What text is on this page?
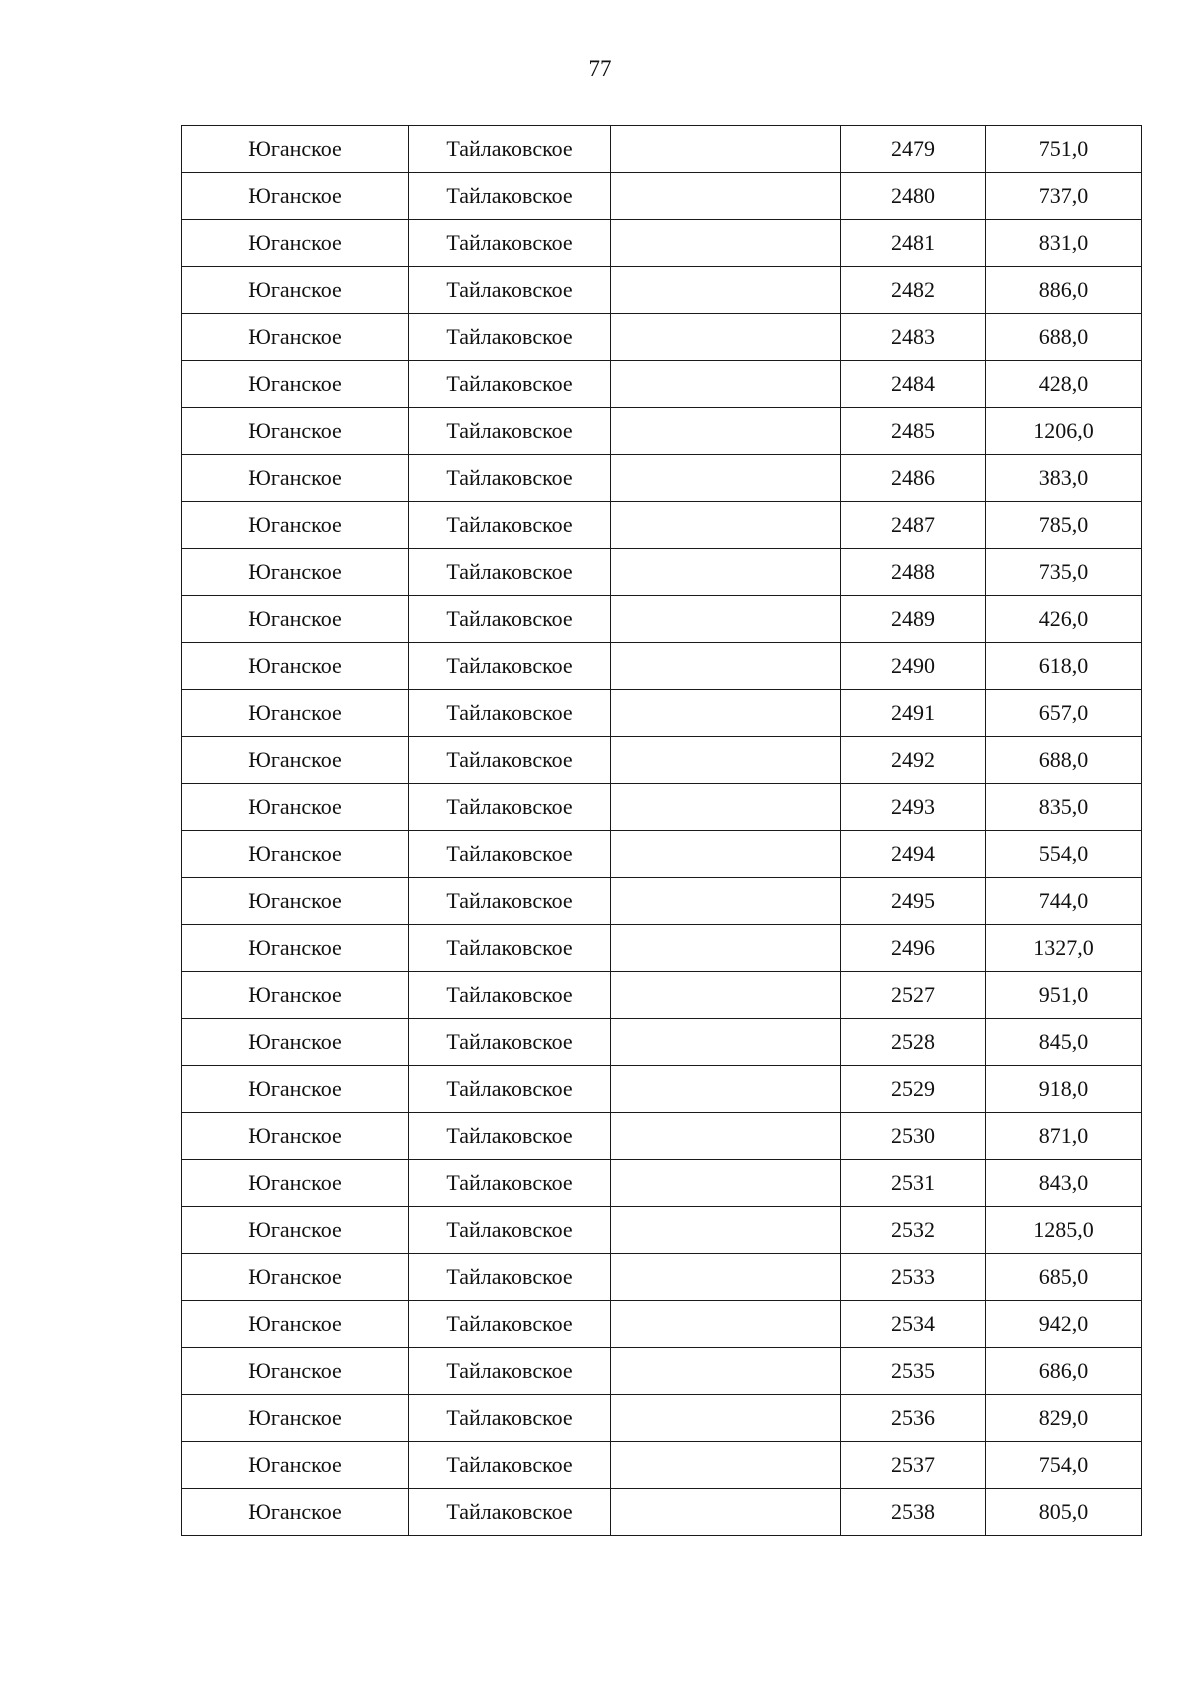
77
Юганское	Тайлаковское		2479	751,0
Юганское	Тайлаковское		2480	737,0
Юганское	Тайлаковское		2481	831,0
Юганское	Тайлаковское		2482	886,0
Юганское	Тайлаковское		2483	688,0
Юганское	Тайлаковское		2484	428,0
Юганское	Тайлаковское		2485	1206,0
Юганское	Тайлаковское		2486	383,0
Юганское	Тайлаковское		2487	785,0
Юганское	Тайлаковское		2488	735,0
Юганское	Тайлаковское		2489	426,0
Юганское	Тайлаковское		2490	618,0
Юганское	Тайлаковское		2491	657,0
Юганское	Тайлаковское		2492	688,0
Юганское	Тайлаковское		2493	835,0
Юганское	Тайлаковское		2494	554,0
Юганское	Тайлаковское		2495	744,0
Юганское	Тайлаковское		2496	1327,0
Юганское	Тайлаковское		2527	951,0
Юганское	Тайлаковское		2528	845,0
Юганское	Тайлаковское		2529	918,0
Юганское	Тайлаковское		2530	871,0
Юганское	Тайлаковское		2531	843,0
Юганское	Тайлаковское		2532	1285,0
Юганское	Тайлаковское		2533	685,0
Юганское	Тайлаковское		2534	942,0
Юганское	Тайлаковское		2535	686,0
Юганское	Тайлаковское		2536	829,0
Юганское	Тайлаковское		2537	754,0
Юганское	Тайлаковское		2538	805,0
